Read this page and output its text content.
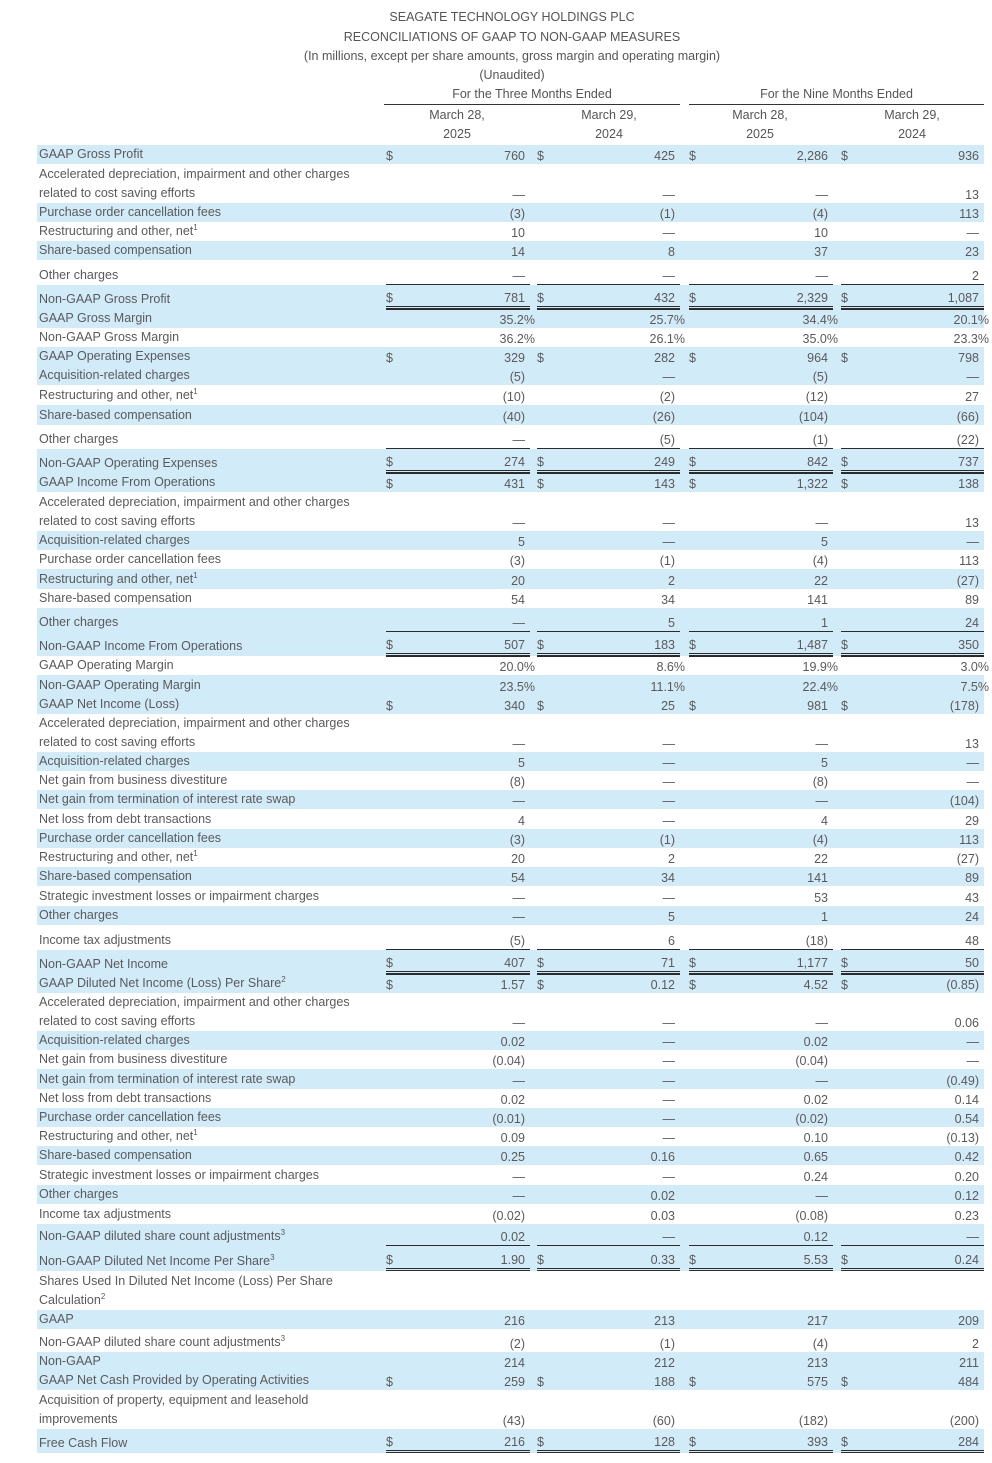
SEAGATE TECHNOLOGY HOLDINGS PLC
RECONCILIATIONS OF GAAP TO NON-GAAP MEASURES
(In millions, except per share amounts, gross margin and operating margin)
(Unaudited)
For the Three Months Ended	For the Nine Months Ended
March 28,
2025
March 29,
2024
March 28,
2025
March 29,
2024
GAAP Gross Profit	$	760 $	425 $	2,286 $	936
Accelerated depreciation, impairment and other charges related to cost saving efforts	—	—	—	13
Purchase order cancellation fees	(3)	(1)	(4)	113
Restructuring and other, net$^1$	10	—	10	—
Share-based compensation	14	8	37	23
Other charges	—	—	—	2
Non-GAAP Gross Profit	$	781 $	432 $	2,329 $	1,087
GAAP Gross Margin	35.2%	25.7%	34.4%	20.1%
Non-GAAP Gross Margin	36.2%	26.1%	35.0%	23.3%
GAAP Operating Expenses	$	329 $	282 $	964 $	798
Acquisition-related charges	(5)	—	(5)	—
Restructuring and other, net$^1$	(10)	(2)	(12)	27
Share-based compensation	(40)	(26)	(104)	(66)
Other charges	—	(5)	(1)	(22)
Non-GAAP Operating Expenses	$	274 $	249 $	842 $	737
GAAP Income From Operations	$	431 $	143 $	1,322 $	138
Accelerated depreciation, impairment and other charges related to cost saving efforts	—	—	—	13
Acquisition-related charges	5	—	5	—
Purchase order cancellation fees	(3)	(1)	(4)	113
Restructuring and other, net$^1$	20	2	22	(27)
Share-based compensation	54	34	141	89
Other charges	—	5	1	24
Non-GAAP Income From Operations	$	507 $	183 $	1,487 $	350
GAAP Operating Margin	20.0%	8.6%	19.9%	3.0%
Non-GAAP Operating Margin	23.5%	11.1%	22.4%	7.5%
GAAP Net Income (Loss)	$	340 $	25 $	981 $	(178)
Accelerated depreciation, impairment and other charges related to cost saving efforts	—	—	—	13
Acquisition-related charges	5	—	5	—
Net gain from business divestiture	(8)	—	(8)	—
Net gain from termination of interest rate swap	—	—	—	(104)
Net loss from debt transactions	4	—	4	29
Purchase order cancellation fees	(3)	(1)	(4)	113
Restructuring and other, net$^1$	20	2	22	(27)
Share-based compensation	54	34	141	89
Strategic investment losses or impairment charges	—	—	53	43
Other charges	—	5	1	24
Income tax adjustments	(5)	6	(18)	48
Non-GAAP Net Income	$	407 $	71 $	1,177 $	50
GAAP Diluted Net Income (Loss) Per Share$^2$	$	1.57 $	0.12 $	4.52 $	(0.85)
Accelerated depreciation, impairment and other charges related to cost saving efforts	—	—	—	0.06
Acquisition-related charges	0.02	—	0.02	—
Net gain from business divestiture	(0.04)	—	(0.04)	—
Net gain from termination of interest rate swap	—	—	—	(0.49)
Net loss from debt transactions	0.02	—	0.02	0.14
Purchase order cancellation fees	(0.01)	—	(0.02)	0.54
Restructuring and other, net$^1$	0.09	—	0.10	(0.13)
Share-based compensation	0.25	0.16	0.65	0.42
Strategic investment losses or impairment charges	—	—	0.24	0.20
Other charges	—	0.02	—	0.12
Income tax adjustments	(0.02)	0.03	(0.08)	0.23
Non-GAAP diluted share count adjustments$^3$	0.02	—	0.12	—
Non-GAAP Diluted Net Income Per Share$^3$	$	1.90 $	0.33 $	5.53 $	0.24
Shares Used In Diluted Net Income (Loss) Per Share Calculation$^2$
GAAP	216	213	217	209
Non-GAAP diluted share count adjustments$^3$	(2)	(1)	(4)	2
Non-GAAP	214	212	213	211
GAAP Net Cash Provided by Operating Activities	$	259 $	188 $	575 $	484
Acquisition of property, equipment and leasehold improvements	(43)	(60)	(182)	(200)
Free Cash Flow	$	216 $	128 $	393 $	284
